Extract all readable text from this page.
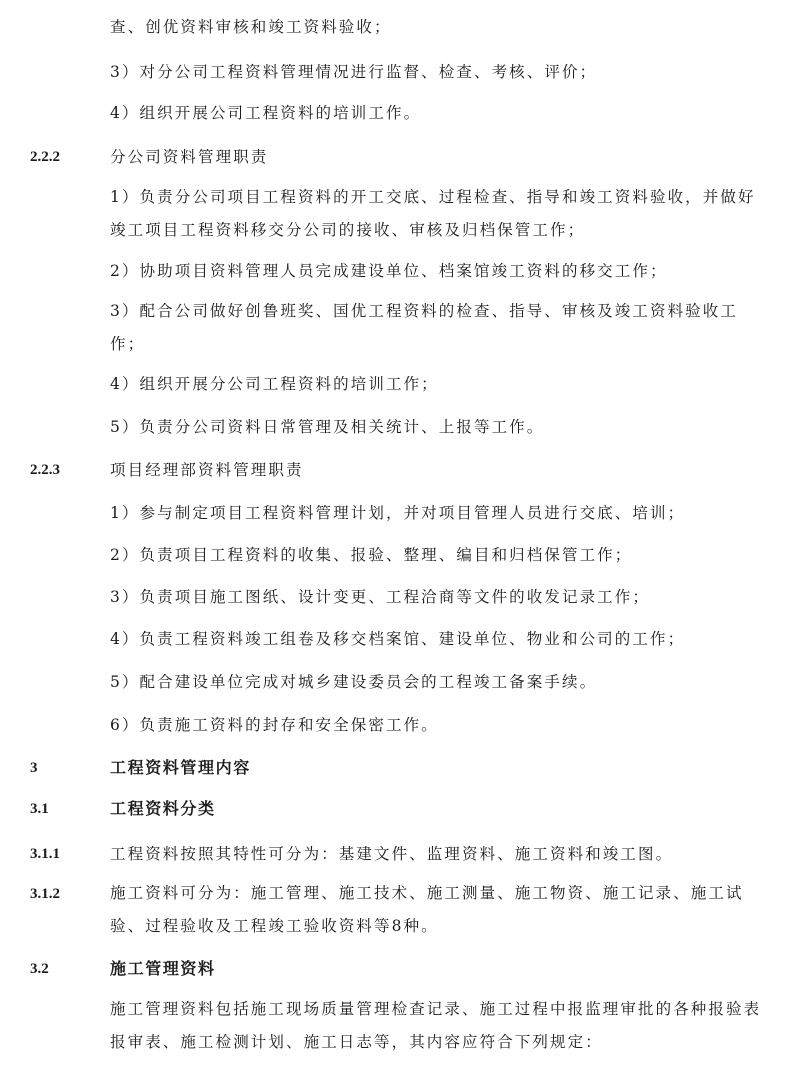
查、创优资料审核和竣工资料验收；
3）对分公司工程资料管理情况进行监督、检查、考核、评价；
4）组织开展公司工程资料的培训工作。
2.2.2	分公司资料管理职责
1）负责分公司项目工程资料的开工交底、过程检查、指导和竣工资料验收，并做好竣工项目工程资料移交分公司的接收、审核及归档保管工作；
2）协助项目资料管理人员完成建设单位、档案馆竣工资料的移交工作；
3）配合公司做好创鲁班奖、国优工程资料的检查、指导、审核及竣工资料验收工作；
4）组织开展分公司工程资料的培训工作；
5）负责分公司资料日常管理及相关统计、上报等工作。
2.2.3	项目经理部资料管理职责
1）参与制定项目工程资料管理计划，并对项目管理人员进行交底、培训；
2）负责项目工程资料的收集、报验、整理、编目和归档保管工作；
3）负责项目施工图纸、设计变更、工程洽商等文件的收发记录工作；
4）负责工程资料竣工组卷及移交档案馆、建设单位、物业和公司的工作；
5）配合建设单位完成对城乡建设委员会的工程竣工备案手续。
6）负责施工资料的封存和安全保密工作。
3	工程资料管理内容
3.1	工程资料分类
3.1.1	工程资料按照其特性可分为：基建文件、监理资料、施工资料和竣工图。
3.1.2	施工资料可分为：施工管理、施工技术、施工测量、施工物资、施工记录、施工试验、过程验收及工程竣工验收资料等8种。
3.2	施工管理资料
施工管理资料包括施工现场质量管理检查记录、施工过程中报监理审批的各种报验表报审表、施工检测计划、施工日志等，其内容应符合下列规定：
